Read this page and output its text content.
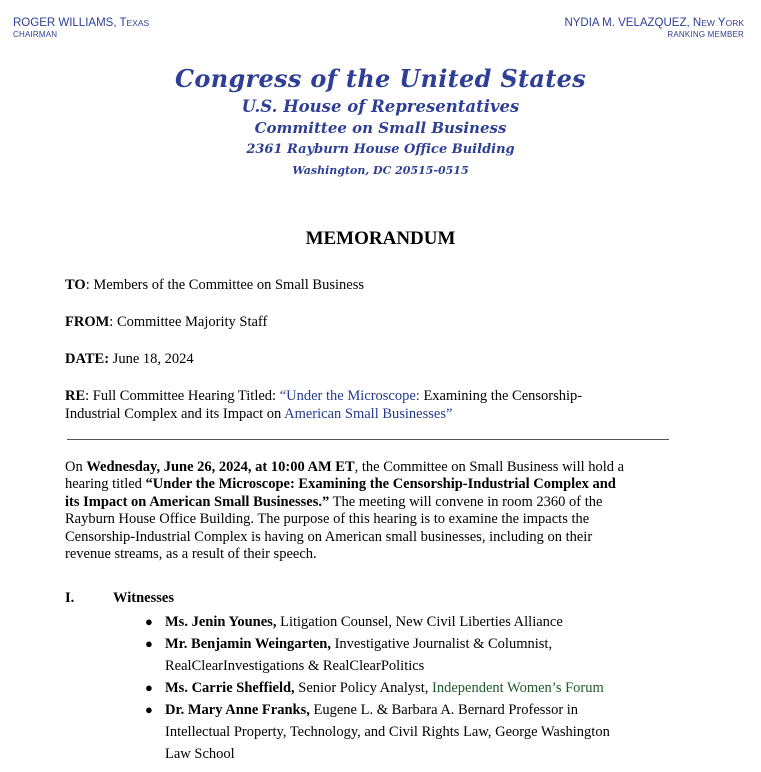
ROGER WILLIAMS, TEXAS
CHAIRMAN
NYDIA M. VELAZQUEZ, NEW YORK
RANKING MEMBER
Congress of the United States
U.S. House of Representatives
Committee on Small Business
2361 Rayburn House Office Building
Washington, DC 20515-0515
MEMORANDUM
TO: Members of the Committee on Small Business
FROM: Committee Majority Staff
DATE: June 18, 2024
RE: Full Committee Hearing Titled: “Under the Microscope: Examining the Censorship-
Industrial Complex and its Impact on American Small Businesses”
On Wednesday, June 26, 2024, at 10:00 AM ET, the Committee on Small Business will hold a
hearing titled “Under the Microscope: Examining the Censorship-Industrial Complex and
its Impact on American Small Businesses.” The meeting will convene in room 2360 of the
Rayburn House Office Building. The purpose of this hearing is to examine the impacts the
Censorship-Industrial Complex is having on American small businesses, including on their
revenue streams, as a result of their speech.
I.	Witnesses
● Ms. Jenin Younes, Litigation Counsel, New Civil Liberties Alliance
● Mr. Benjamin Weingarten, Investigative Journalist & Columnist,
RealClearInvestigations & RealClearPolitics
● Ms. Carrie Sheffield, Senior Policy Analyst, Independent Women’s Forum
● Dr. Mary Anne Franks, Eugene L. & Barbara A. Bernard Professor in
Intellectual Property, Technology, and Civil Rights Law, George Washington
Law School
